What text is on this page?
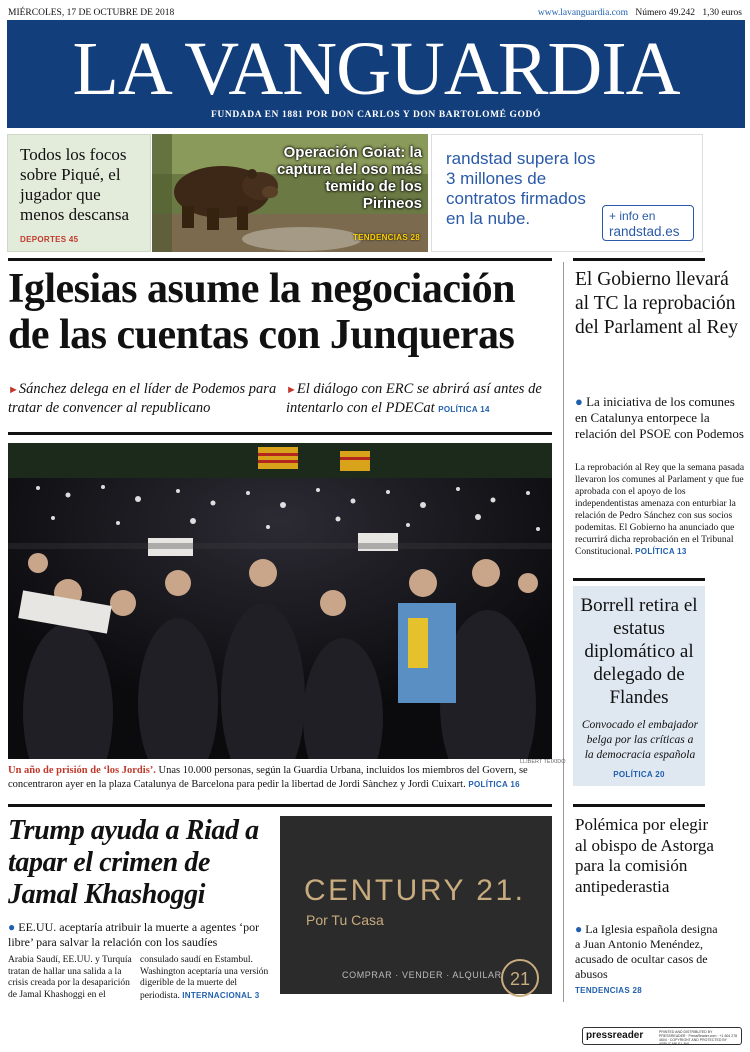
MIÉRCOLES, 17 DE OCTUBRE DE 2018	www.lavanguardia.com Número 49.242 1,30 euros
LA VANGUARDIA
FUNDADA EN 1881 POR DON CARLOS Y DON BARTOLOMÉ GODÓ
Todos los focos sobre Piqué, el jugador que menos descansa
DEPORTES 45
Operación Goiat: la captura del oso más temido de los Pirineos
TENDENCIAS 28
randstad supera los 3 millones de contratos firmados en la nube.	+ info en
randstad.es
Iglesias asume la negociación de las cuentas con Junqueras
►Sánchez delega en el líder de Podemos para tratar de convencer al republicano
►El diálogo con ERC se abrirá así antes de intentarlo con el PDECat POLÍTICA 14
LLIBERT TEIXIDÓ

Un año de prisión de ‘los Jordis’. Unas 10.000 personas, según la Guardia Urbana, incluidos los miembros del Govern, se concentraron ayer en la plaza Catalunya de Barcelona para pedir la libertad de Jordi Sànchez y Jordi Cuixart. POLÍTICA 16

El Gobierno llevará al TC la reprobación del Parlament al Rey

● La iniciativa de los comunes en Catalunya entorpece la relación del PSOE con Podemos

La reprobación al Rey que la semana pasada llevaron los comunes al Parlament y que fue aprobada con el apoyo de los independentistas amenaza con enturbiar la relación de Pedro Sánchez con sus socios podemitas. El Gobierno ha anunciado que recurrirá dicha reprobación en el Tribunal Constitucional. POLÍTICA 13

Borrell retira el estatus diplomático al delegado de Flandes

Convocado el embajador belga por las críticas a la democracia española

POLÍTICA 20
Polémica por elegir al obispo de Astorga para la comisión antipederastia

● La Iglesia española designa a Juan Antonio Menéndez, acusado de ocultar casos de abusos
TENDENCIAS 28

Trump ayuda a Riad a tapar el crimen de Jamal Khashoggi

● EE.UU. aceptaría atribuir la muerte a agentes ‘por libre’ para salvar la relación con los saudíes

Arabia Saudí, EE.UU. y Turquía tratan de hallar una salida a la crisis creada por la desaparición de Jamal Khashoggi en el

consulado saudí en Estambul. Washington aceptaría una versión digerible de la muerte del periodista. INTERNACIONAL 3

CENTURY 21.
Por Tu Casa
COMPRAR · VENDER · ALQUILAR 21
pressreader	PRINTED AND DISTRIBUTED BY PRESSREADER · PressReader.com · +1 604 278 4604 · COPYRIGHT AND PROTECTED BY APPLICABLE LAW
